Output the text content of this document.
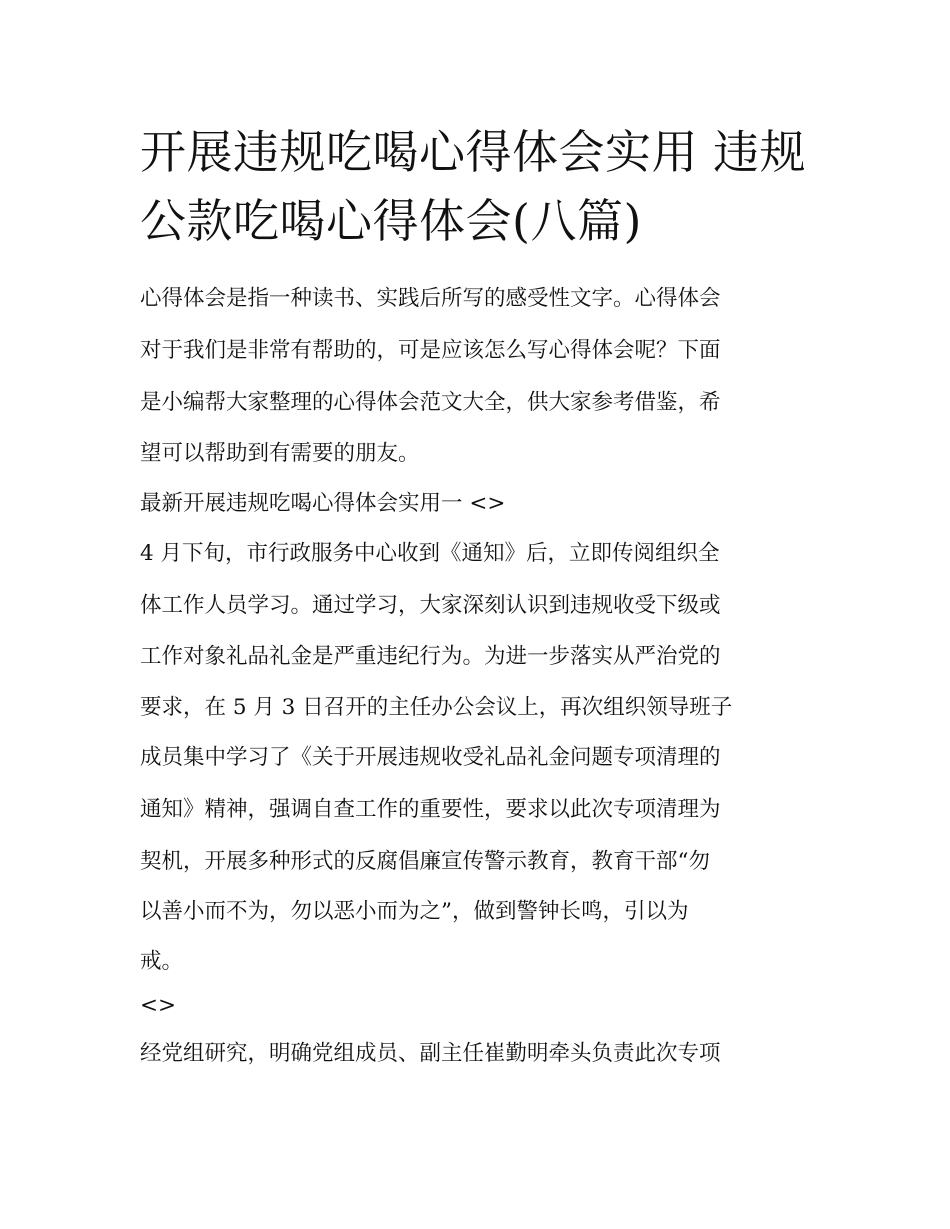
开展违规吃喝心得体会实用 违规公款吃喝心得体会(八篇)

心得体会是指一种读书、实践后所写的感受性文字。心得体会

对于我们是非常有帮助的，可是应该怎么写心得体会呢？下面

是小编帮大家整理的心得体会范文大全，供大家参考借鉴，希

望可以帮助到有需要的朋友。

最新开展违规吃喝心得体会实用一 <>

4 月下旬，市行政服务中心收到《通知》后，立即传阅组织全

体工作人员学习。通过学习，大家深刻认识到违规收受下级或

工作对象礼品礼金是严重违纪行为。为进一步落实从严治党的

要求，在 5 月 3 日召开的主任办公会议上，再次组织领导班子

成员集中学习了《关于开展违规收受礼品礼金问题专项清理的

通知》精神，强调自查工作的重要性，要求以此次专项清理为

契机，开展多种形式的反腐倡廉宣传警示教育，教育干部“勿

以善小而不为，勿以恶小而为之”，做到警钟长鸣，引以为

戒。

<>

经党组研究，明确党组成员、副主任崔勤明牵头负责此次专项
